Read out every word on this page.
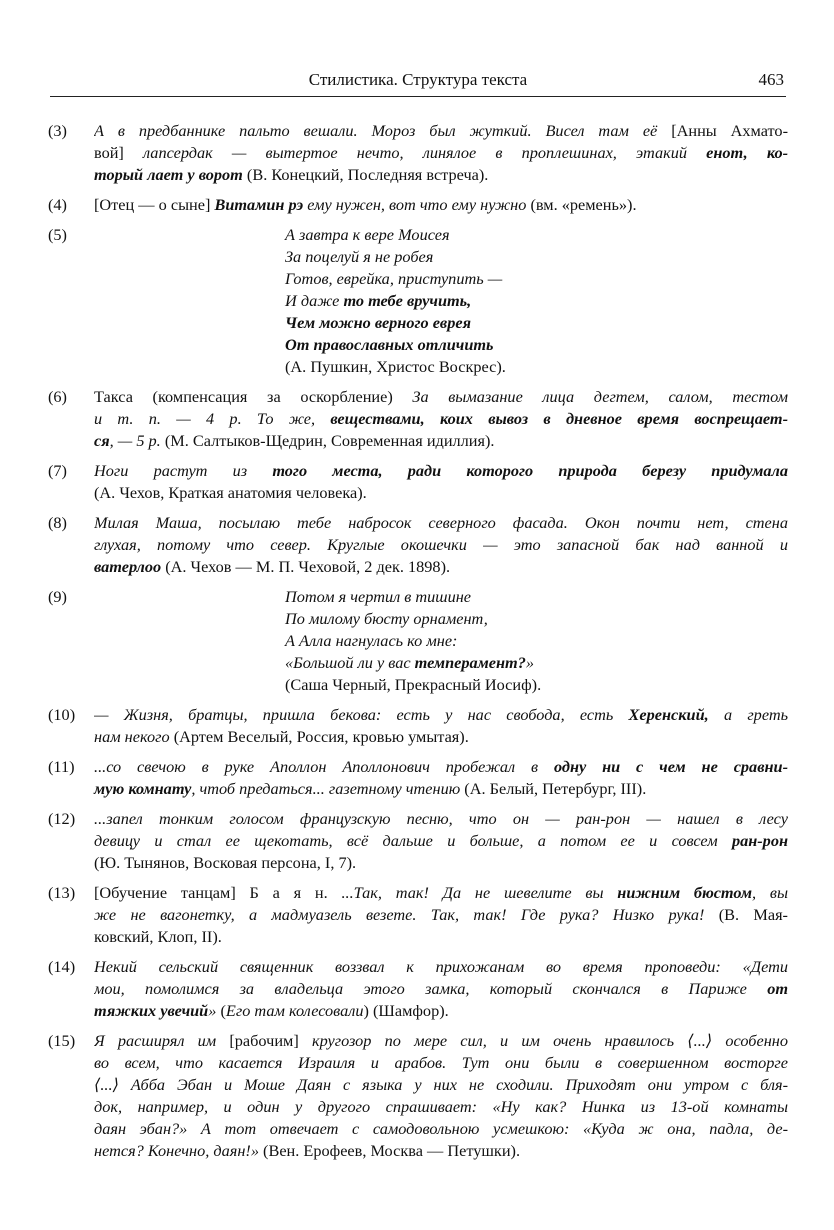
Стилистика. Структура текста	463
(3) А в предбаннике пальто вешали. Мороз был жуткий. Висел там её [Анны Ахмато-
вой] лапсердак — вытертое нечто, линялое в проплешинах, этакий енот, ко-
торый лает у ворот (В. Конецкий, Последняя встреча).
(4) [Отец — о сыне] Витамин рэ ему нужен, вот что ему нужно (вм. «ремень»).
(5)	А завтра к вере Моисея
За поцелуй я не робея
Готов, еврейка, приступить —
И даже то тебе вручить,
Чем можно верного еврея
От православных отличить
(А. Пушкин, Христос Воскрес).
(6) Такса (компенсация за оскорбление) За вымазание лица дегтем, салом, тестом
и т. п. — 4 р. То же, веществами, коих вывоз в дневное время воспрещает-
ся, — 5 р. (М. Салтыков-Щедрин, Современная идиллия).
(7) Ноги растут из того места, ради которого природа березу придумала
(А. Чехов, Краткая анатомия человека).
(8) Милая Маша, посылаю тебе набросок северного фасада. Окон почти нет, стена
глухая, потому что север. Круглые окошечки — это запасной бак над ванной и
ватерлоо (А. Чехов — М. П. Чеховой, 2 дек. 1898).
(9)	Потом я чертил в тишине
По милому бюсту орнамент,
А Алла нагнулась ко мне:
«Большой ли у вас темперамент?»
(Саша Черный, Прекрасный Иосиф).
(10) — Жизня, братцы, пришла бекова: есть у нас свобода, есть Херенский, а греть
нам некого (Артем Веселый, Россия, кровью умытая).
(11) ...со свечою в руке Аполлон Аполлонович пробежал в одну ни с чем не сравни-
мую комнату, чтоб предаться... газетному чтению (А. Белый, Петербург, III).
(12) ...запел тонким голосом французскую песню, что он — ран-рон — нашел в лесу
девицу и стал ее щекотать, всё дальше и больше, а потом ее и совсем ран-рон
(Ю. Тынянов, Восковая персона, I, 7).
(13) [Обучение танцам] Б а я н. ...Так, так! Да не шевелите вы нижним бюстом, вы
же не вагонетку, а мадмуазель везете. Так, так! Где рука? Низко рука! (В. Мая-
ковский, Клоп, II).
(14) Некий сельский священник воззвал к прихожанам во время проповеди: «Дети
мои, помолимся за владельца этого замка, который скончался в Париже от
тяжких увечий» (Его там колесовали) (Шамфор).
(15) Я расширял им [рабочим] кругозор по мере сил, и им очень нравилось ⟨...⟩ особенно
во всем, что касается Израиля и арабов. Тут они были в совершенном восторге
⟨...⟩ Абба Эбан и Моше Даян с языка у них не сходили. Приходят они утром с бля-
док, например, и один у другого спрашивает: «Ну как? Нинка из 13-ой комнаты
даян эбан?» А тот отвечает с самодовольною усмешкою: «Куда ж она, падла, де-
нется? Конечно, даян!» (Вен. Ерофеев, Москва — Петушки).
